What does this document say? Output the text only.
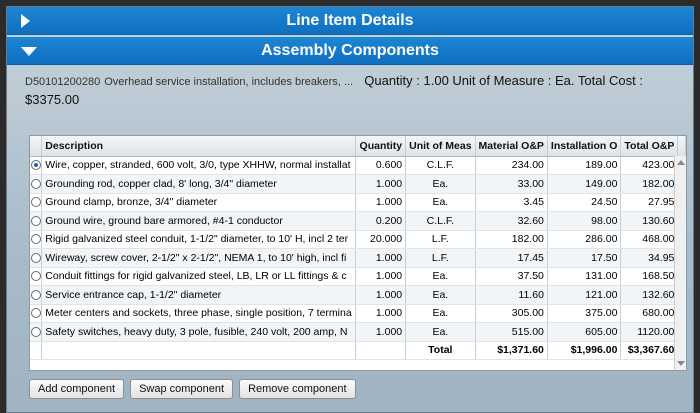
Line Item Details
Assembly Components
D50101200280 Overhead service installation, includes breakers, ... Quantity : 1.00 Unit of Measure : Ea. Total Cost :
$3375.00
	Description	Quantity	Unit of Meas	Material O&P	Installation O	Total O&P	
	Wire, copper, stranded, 600 volt, 3/0, type XHHW, normal installat	0.600	C.L.F.	234.00	189.00	423.00	
	Grounding rod, copper clad, 8' long, 3/4" diameter	1.000	Ea.	33.00	149.00	182.00	
	Ground clamp, bronze, 3/4" diameter	1.000	Ea.	3.45	24.50	27.95	
	Ground wire, ground bare armored, #4-1 conductor	0.200	C.L.F.	32.60	98.00	130.60	
	Rigid galvanized steel conduit, 1-1/2" diameter, to 10' H, incl 2 ter	20.000	L.F.	182.00	286.00	468.00	
	Wireway, screw cover, 2-1/2" x 2-1/2", NEMA 1, to 10' high, incl fi	1.000	L.F.	17.45	17.50	34.95	
	Conduit fittings for rigid galvanized steel, LB, LR or LL fittings & c	1.000	Ea.	37.50	131.00	168.50	
	Service entrance cap, 1-1/2" diameter	1.000	Ea.	11.60	121.00	132.60	
	Meter centers and sockets, three phase, single position, 7 termina	1.000	Ea.	305.00	375.00	680.00	
	Safety switches, heavy duty, 3 pole, fusible, 240 volt, 200 amp, N	1.000	Ea.	515.00	605.00	1120.00	
			Total	$1,371.60	$1,996.00	$3,367.60	
Add component	Swap component	Remove component
